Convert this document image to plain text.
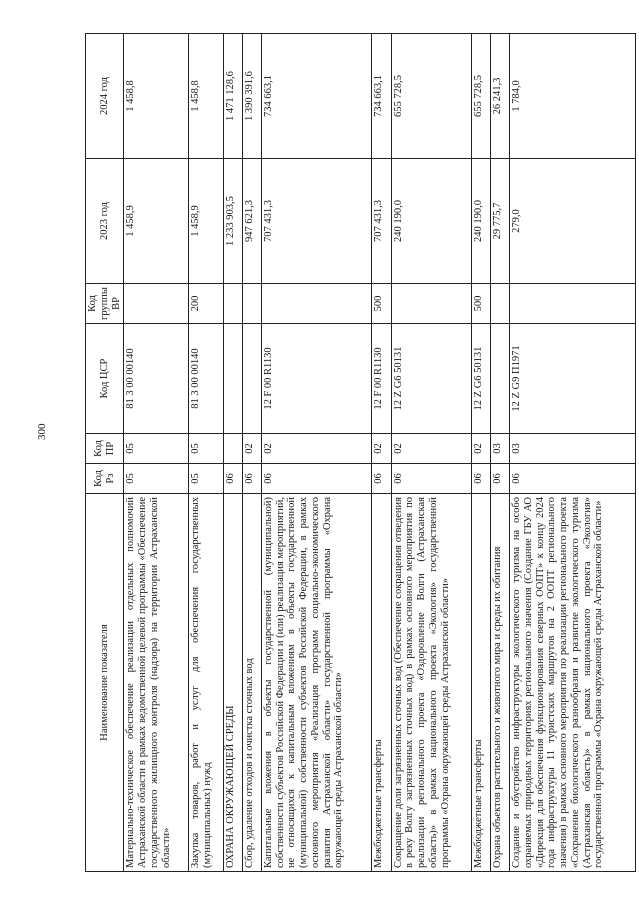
300
Наименование показателя	Код Рз	Код ПР	Код ЦСР	Код группы ВР	2023 год	2024 год
Материально-техническое обеспечение реализации отдельных полномочий Астраханской области в рамках ведомственной целевой программы «Обеспечение государственного жилищного контроля (надзора) на территории Астраханской области»	05	05	81 3 00 00140		1 458,9	1 458,8
Закупка товаров, работ и услуг для обеспечения государственных (муниципальных) нужд	05	05	81 3 00 00140	200	1 458,9	1 458,8
ОХРАНА ОКРУЖАЮЩЕЙ СРЕДЫ	06				1 233 903,5	1 471 128,6
Сбор, удаление отходов и очистка сточных вод	06	02			947 621,3	1 390 391,6
Капитальные вложения в объекты государственной (муниципальной) собственности субъектов Российской Федерации и (или) реализация мероприятий, не относящихся к капитальным вложениям в объекты государственной (муниципальной) собственности субъектов Российской Федерации, в рамках основного мероприятия «Реализация программ социально-экономического развития Астраханской области» государственной программы «Охрана окружающей среды Астраханской области»	06	02	12 F 00 R1130		707 431,3	734 663,1
Межбюджетные трансферты	06	02	12 F 00 R1130	500	707 431,3	734 663,1
Сокращение доли загрязненных сточных вод (Обеспечение сокращения отведения в реку Волгу загрязненных сточных вод) в рамках основного мероприятия по реализации регионального проекта «Оздоровление Волги (Астраханская область)» в рамках национального проекта «Экология» государственной программы «Охрана окружающей среды Астраханской области»	06	02	12 Z G6 50131		240 190,0	655 728,5
Межбюджетные трансферты	06	02	12 Z G6 50131	500	240 190,0	655 728,5
Охрана объектов растительного и животного мира и среды их обитания	06	03			29 775,7	26 241,3
Создание и обустройство инфраструктуры экологического туризма на особо охраняемых природных территориях регионального значения (Создание ГБУ АО «Дирекция для обеспечения функционирования северных ООПТ» к концу 2024 года инфраструктуры 11 туристских маршрутов на 2 ООПТ регионального значения) в рамках основного мероприятия по реализации регионального проекта «Сохранение биологического разнообразия и развитие экологического туризма (Астраханская область)» в рамках национального проекта «Экология» государственной программы «Охрана окружающей среды Астраханской области»	06	03	12 Z G9 П1971		279,0	1 784,0
